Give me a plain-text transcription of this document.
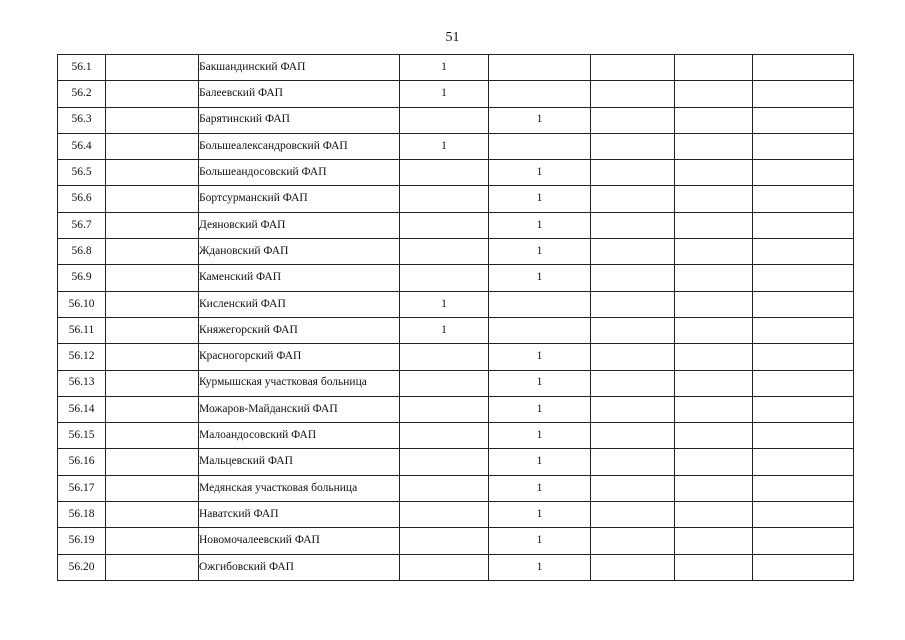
51
56.1		Бакшандинский ФАП	1				
56.2		Балеевский ФАП	1				
56.3		Барятинский ФАП		1			
56.4		Большеалександровский ФАП	1				
56.5		Большеандосовский ФАП		1			
56.6		Бортсурманский ФАП		1			
56.7		Деяновский ФАП		1			
56.8		Ждановский ФАП		1			
56.9		Каменский ФАП		1			
56.10		Кисленский ФАП	1				
56.11		Княжегорский ФАП	1				
56.12		Красногорский ФАП		1			
56.13		Курмышская участковая больница		1			
56.14		Можаров-Майданский ФАП		1			
56.15		Малоандосовский ФАП		1			
56.16		Мальцевский ФАП		1			
56.17		Медянская участковая больница		1			
56.18		Наватский ФАП		1			
56.19		Новомочалеевский ФАП		1			
56.20		Ожгибовский ФАП		1			
